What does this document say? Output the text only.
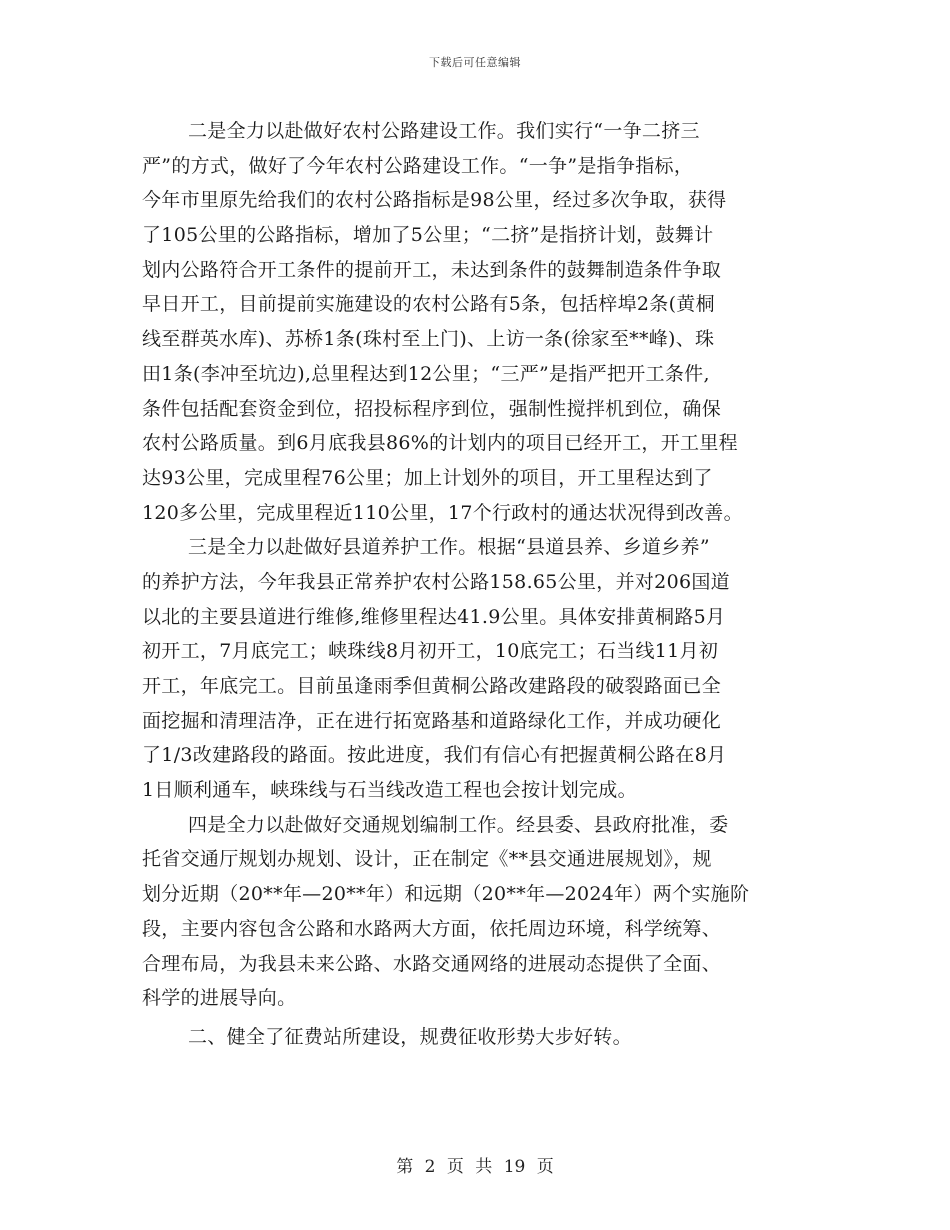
下载后可任意编辑
二是全力以赴做好农村公路建设工作。我们实行“一争二挤三
严”的方式，做好了今年农村公路建设工作。“一争”是指争指标，
今年市里原先给我们的农村公路指标是98公里，经过多次争取，获得
了105公里的公路指标，增加了5公里；“二挤”是指挤计划，鼓舞计
划内公路符合开工条件的提前开工，未达到条件的鼓舞制造条件争取
早日开工，目前提前实施建设的农村公路有5条，包括梓埠2条(黄桐
线至群英水库)、苏桥1条(珠村至上门)、上访一条(徐家至**峰)、珠
田1条(李冲至坑边),总里程达到12公里；“三严”是指严把开工条件,
条件包括配套资金到位，招投标程序到位，强制性搅拌机到位，确保
农村公路质量。到6月底我县86%的计划内的项目已经开工，开工里程
达93公里，完成里程76公里；加上计划外的项目，开工里程达到了
120多公里，完成里程近110公里，17个行政村的通达状况得到改善。
三是全力以赴做好县道养护工作。根据“县道县养、乡道乡养”
的养护方法，今年我县正常养护农村公路158.65公里，并对206国道
以北的主要县道进行维修,维修里程达41.9公里。具体安排黄桐路5月
初开工，7月底完工；峡珠线8月初开工，10底完工；石当线11月初
开工，年底完工。目前虽逢雨季但黄桐公路改建路段的破裂路面已全
面挖掘和清理洁净，正在进行拓宽路基和道路绿化工作，并成功硬化
了1/3改建路段的路面。按此进度，我们有信心有把握黄桐公路在8月
1日顺利通车，峡珠线与石当线改造工程也会按计划完成。
四是全力以赴做好交通规划编制工作。经县委、县政府批准，委
托省交通厅规划办规划、设计，正在制定《**县交通进展规划》，规
划分近期（20**年—20**年）和远期（20**年—2024年）两个实施阶
段，主要内容包含公路和水路两大方面，依托周边环境，科学统筹、
合理布局，为我县未来公路、水路交通网络的进展动态提供了全面、
科学的进展导向。
二、健全了征费站所建设，规费征收形势大步好转。
第 2 页 共 19 页
